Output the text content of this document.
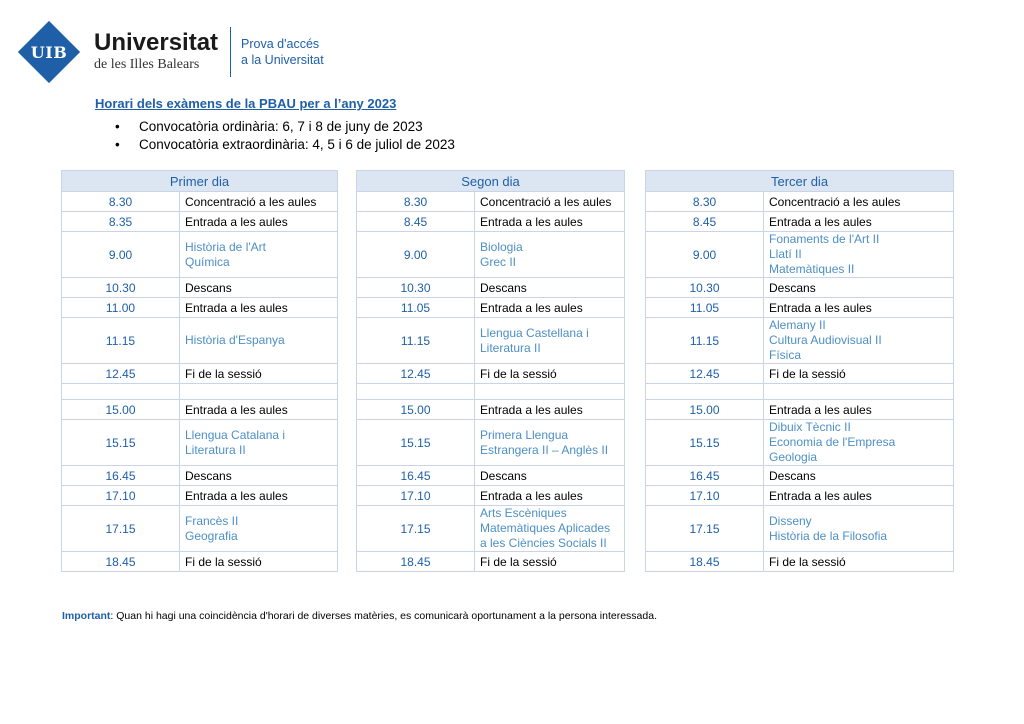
UIB	Universitat
de les Illes Balears
Prova d'accés
a la Universitat
Horari dels exàmens de la PBAU per a l’any 2023
• Convocatòria ordinària: 6, 7 i 8 de juny de 2023
• Convocatòria extraordinària: 4, 5 i 6 de juliol de 2023
Primer dia	
8.30	Concentració a les aules
8.35	Entrada a les aules
9.00	Història de l'Art
Química

10.30	Descans
11.00	Entrada a les aules
11.15	Història d'Espanya

12.45	Fi de la sessió

15.00	Entrada a les aules
15.15	Llengua Catalana i
Literatura II

16.45	Descans
17.10	Entrada a les aules
17.15	Francès II
Geografia

18.45	Fi de la sessió
Segon dia	
8.30	Concentració a les aules
8.45	Entrada a les aules
9.00	Biologia
Grec II

10.30	Descans
11.05	Entrada a les aules
11.15	Llengua Castellana i
Literatura II

12.45	Fi de la sessió

15.00	Entrada a les aules
15.15	Primera Llengua
Estrangera II – Anglès II

16.45	Descans
17.10	Entrada a les aules
17.15	Arts Escèniques
Matemàtiques Aplicades
a les Ciències Socials II

18.45	Fi de la sessió
Tercer dia	
8.30	Concentració a les aules
8.45	Entrada a les aules
9.00	Fonaments de l'Art II
Llatí II
Matemàtiques II

10.30	Descans
11.05	Entrada a les aules
11.15	Alemany II
Cultura Audiovisual II
Física

12.45	Fi de la sessió

15.00	Entrada a les aules
15.15	Dibuix Tècnic II
Economia de l'Empresa
Geologia

16.45	Descans
17.10	Entrada a les aules
17.15	Disseny
Història de la Filosofia

18.45	Fi de la sessió
Important: Quan hi hagi una coincidència d'horari de diverses matèries, es comunicarà oportunament a la persona interessada.
